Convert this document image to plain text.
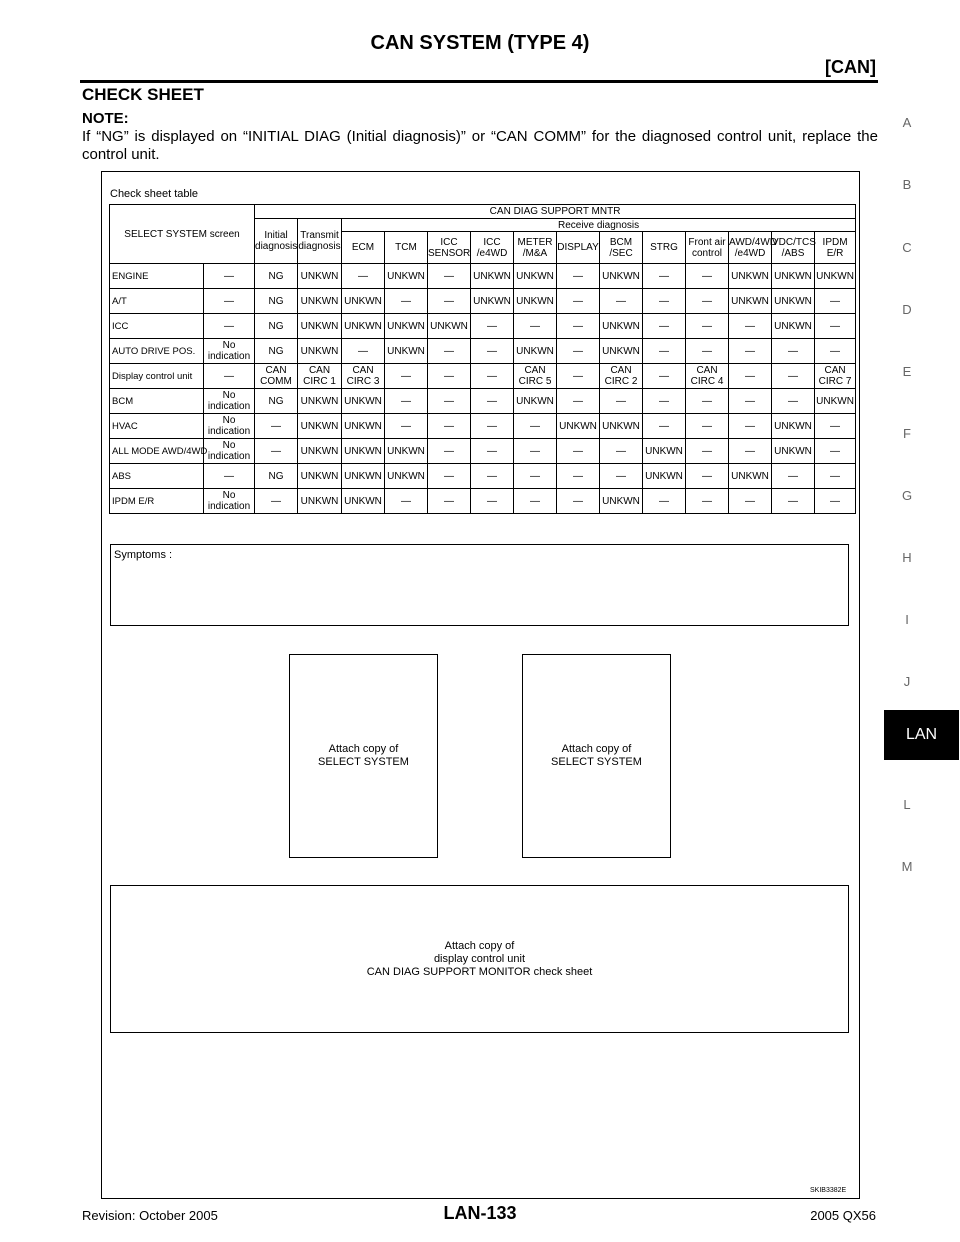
CAN SYSTEM (TYPE 4)
[CAN]
CHECK SHEET
NOTE:
If “NG” is displayed on “INITIAL DIAG (Initial diagnosis)” or “CAN COMM” for the diagnosed control unit, replace the control unit.
A
B
C
D
E
F
G
H
I
J
LAN
L
M
Check sheet table
SELECT SYSTEM screen		CAN DIAG SUPPORT MNTR													
		Initial diagnosis	Transmit diagnosis	Receive diagnosis											
				ECM	TCM	ICC SENSOR	ICC /e4WD	METER /M&A	DISPLAY	BCM /SEC	STRG	Front air control	AWD/4WD /e4WD	VDC/TCS /ABS	IPDM E/R
ENGINE	—	NG	UNKWN	—	UNKWN	—	UNKWN	UNKWN	—	UNKWN	—	—	UNKWN	UNKWN	UNKWN
A/T	—	NG	UNKWN	UNKWN	—	—	UNKWN	UNKWN	—	—	—	—	UNKWN	UNKWN	—
ICC	—	NG	UNKWN	UNKWN	UNKWN	UNKWN	—	—	—	UNKWN	—	—	—	UNKWN	—
AUTO DRIVE POS.	No indication	NG	UNKWN	—	UNKWN	—	—	UNKWN	—	UNKWN	—	—	—	—	—
Display control unit	—	CAN COMM	CAN CIRC 1	CAN CIRC 3	—	—	—	CAN CIRC 5	—	CAN CIRC 2	—	CAN CIRC 4	—	—	CAN CIRC 7
BCM	No indication	NG	UNKWN	UNKWN	—	—	—	UNKWN	—	—	—	—	—	—	UNKWN
HVAC	No indication	—	UNKWN	UNKWN	—	—	—	—	UNKWN	UNKWN	—	—	—	UNKWN	—
ALL MODE AWD/4WD	No indication	—	UNKWN	UNKWN	UNKWN	—	—	—	—	—	UNKWN	—	—	UNKWN	—
ABS	—	NG	UNKWN	UNKWN	UNKWN	—	—	—	—	—	UNKWN	—	UNKWN	—	—
IPDM E/R	No indication	—	UNKWN	UNKWN	—	—	—	—	—	UNKWN	—	—	—	—	—
Symptoms :
Attach copy of SELECT SYSTEM
Attach copy of SELECT SYSTEM
Attach copy of
display control unit
CAN DIAG SUPPORT MONITOR check sheet
SKIB3382E
Revision: October 2005	LAN-133	2005 QX56
